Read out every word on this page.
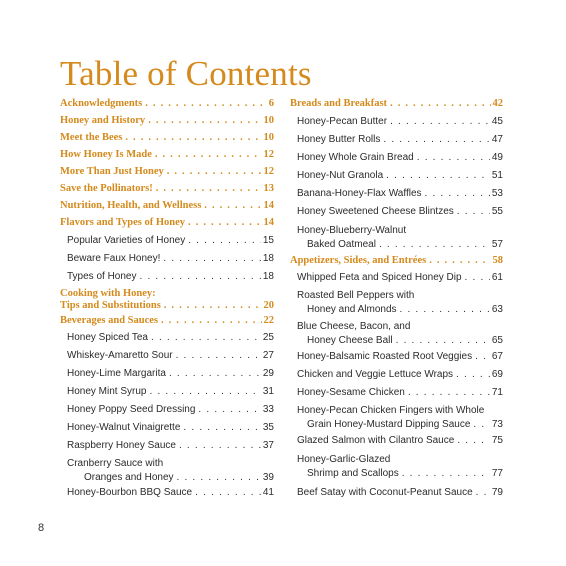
Table of Contents
Acknowledgments . . .	6
Honey and History . . .	10
Meet the Bees . . .	10
How Honey Is Made . . .	12
More Than Just Honey . . .	12
Save the Pollinators! . . .	13
Nutrition, Health, and Wellness . . .	14
Flavors and Types of Honey . . .	14
Popular Varieties of Honey . . .	15
Beware Faux Honey! . . .	18
Types of Honey . . .	18
Cooking with Honey:
Tips and Substitutions . . .	20
Beverages and Sauces . . .	22
Honey Spiced Tea . . .	25
Whiskey-Amaretto Sour . . .	27
Honey-Lime Margarita . . .	29
Honey Mint Syrup . . .	31
Honey Poppy Seed Dressing . . .	33
Honey-Walnut Vinaigrette . . .	35
Raspberry Honey Sauce . . .	37
Cranberry Sauce with
Oranges and Honey . . .	39
Honey-Bourbon BBQ Sauce . . .	41
Breads and Breakfast . . .	42
Honey-Pecan Butter . . .	45
Honey Butter Rolls . . .	47
Honey Whole Grain Bread . . .	49
Honey-Nut Granola . . .	51
Banana-Honey-Flax Waffles . . .	53
Honey Sweetened Cheese Blintzes . . .	55
Honey-Blueberry-Walnut
Baked Oatmeal . . .	57
Appetizers, Sides, and Entrées . . .	58
Whipped Feta and Spiced Honey Dip . . .	61
Roasted Bell Peppers with
Honey and Almonds . . .	63
Blue Cheese, Bacon, and
Honey Cheese Ball . . .	65
Honey-Balsamic Roasted Root Veggies . . . 67
Chicken and Veggie Lettuce Wraps . . .	69
Honey-Sesame Chicken . . .	71
Honey-Pecan Chicken Fingers with Whole
Grain Honey-Mustard Dipping Sauce . . . 73
Glazed Salmon with Cilantro Sauce . . .	75
Honey-Garlic-Glazed
Shrimp and Scallops . . .	77
Beef Satay with Coconut-Peanut Sauce . . . 79
8
